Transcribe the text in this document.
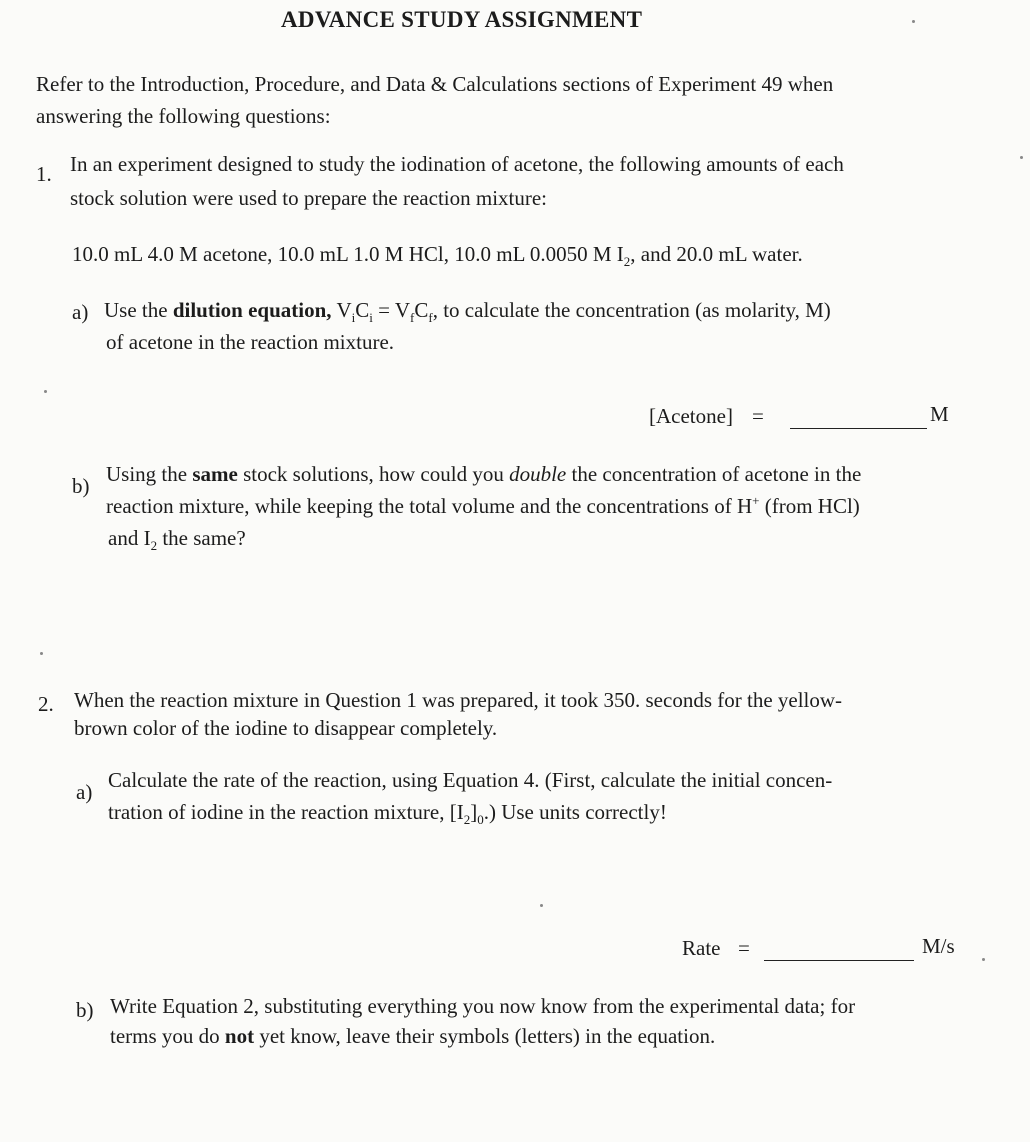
ADVANCE STUDY ASSIGNMENT
Refer to the Introduction, Procedure, and Data & Calculations sections of Experiment 49 when
answering the following questions:
1. In an experiment designed to study the iodination of acetone, the following amounts of each
stock solution were used to prepare the reaction mixture:
10.0 mL 4.0 M acetone, 10.0 mL 1.0 M HCl, 10.0 mL 0.0050 M $I_2$, and 20.0 mL water.
a) Use the dilution equation, $V_iC_i = V_fC_f$, to calculate the concentration (as molarity, M)
of acetone in the reaction mixture.
[Acetone] =	M
b) Using the same stock solutions, how could you double the concentration of acetone in the
reaction mixture, while keeping the total volume and the concentrations of H+ (from HCl)
and $I_2$ the same?
2. When the reaction mixture in Question 1 was prepared, it took 350. seconds for the yellow-
brown color of the iodine to disappear completely.
a) Calculate the rate of the reaction, using Equation 4. (First, calculate the initial concen-
tration of iodine in the reaction mixture, $[I_2]_0$.) Use units correctly!
Rate =	M/s
b) Write Equation 2, substituting everything you now know from the experimental data; for
terms you do not yet know, leave their symbols (letters) in the equation.
